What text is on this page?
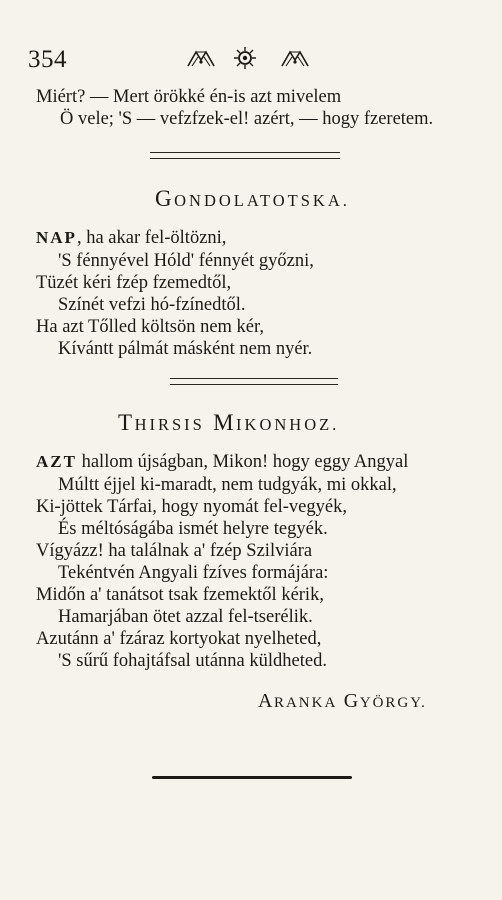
354
Miért? — Mert örökké én-is azt mivelem
Ö vele; 'S — vefzfzek-el! azért, — hogy fzeretem.
GONDOLATOTSKA.
NAP, ha akar fel-öltözni,
'S fénnyével Hóld' fénnyét győzni,
Tüzét kéri fzép fzemedtől,
Színét vefzi hó-fzínedtől.
Ha azt Tőlled költsön nem kér,
Kívántt pálmát másként nem nyér.
THIRSIS MIKONHOZ.
AZT hallom újságban, Mikon! hogy eggy Angyal
Múltt éjjel ki-maradt, nem tudgyák, mi okkal,
Ki-jöttek Tárfai, hogy nyomát fel-vegyék,
És méltóságába ismét helyre tegyék.
Vígyázz! ha találnak a' fzép Szilviára
Tekéntvén Angyali fzíves formájára:
Midőn a' tanátsot tsak fzemektől kérik,
Hamarjában ötet azzal fel-tserélik.
Azutánn a' fzáraz kortyokat nyelheted,
'S sűrű fohajtáfsal utánna küldheted.
ARANKA GYÖRGY.
